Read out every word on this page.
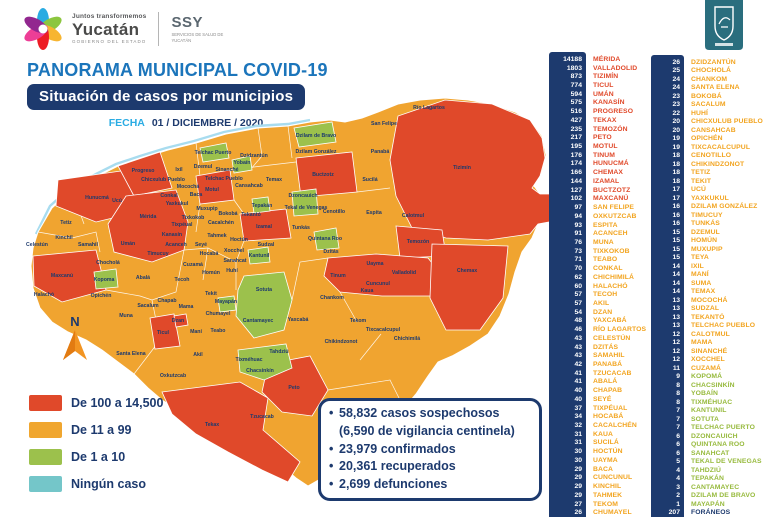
Juntos transformemos
Yucatán
GOBIERNO DEL ESTADO
SSY
SERVICIOS DE SALUD DE YUCATÁN
PANORAMA MUNICIPAL COVID-19
Situación de casos por municipios
FECHA 01 / DICIEMBRE / 2020
Celestún
Tetiz
Kinchil
Hunucmá
Samahil
Chocholá
Kopoma
Maxcanú
Halachó	Opichén
Ucú
Progreso
Mérida
Umán
Kanasín
Acanceh
Timucuy
Abalá	Tecoh
Muna
Sacalum
Santa Elena
Chapab
Mama
Dzan
Maní
Ticul	Teabo
Akil
Oxkutzcab
Tekax
Tzucacab
Peto
Tahdziú
Tixméhuac
Chacsinkín
Mayapán
Chumayel
Cantamayec
Sotuta
Yaxcabá
Tekit
Kantunil
Sudzal
Chicxulub Pueblo
Ixil
Conkal
Mocochá
Baca
Yaxkukul
Muxupip
Tixkokob
Tixpéual
Motul
Telchac Puerto
Dzemul Sinanché
Yobaín
Telchac Pueblo
Dzidzantún
Cansahcab
Temax
Bokobá
Cacalchén
Tekantó
Tepakán
Izamal
Tahmek
Hoctún
Seyé
Xocchel
Hocabá
Sanahcat
Cuzamá
Homún Huhí
Dzilam de Bravo
Dzilam González
Buctzotz
Panabá
Sucilá
San Felipe
Río Lagartos
Tizimín
Espita	Calotmul
Cenotillo
Tunkás
Quintana Roo
Dzitás
Dzoncauich
Tekal de Venegas
Temozón
Tinum
Uayma
Valladolid
Cuncunul
Kaua
Chemax
Chankom
Tekom
Tixcacalcupul
Chichimilá
Chikindzonot
N
De 100 a 14,500
De 11 a 99
De 1 a 10
Ningún caso
• 58,832 casos sospechosos
(6,590 de vigilancia centinela)
• 23,979 confirmados
• 20,361 recuperados
• 2,699 defunciones
14188	MÉRIDA
1803	VALLADOLID
873	TIZIMÍN
774	TICUL
594	UMÁN
575	KANASÍN
516	PROGRESO
427	TEKAX
235	TEMOZÓN
217	PETO
195	MOTUL
176	TINUM
174	HUNUCMÁ
166	CHEMAX
144	IZAMAL
127	BUCTZOTZ
102	MAXCANÚ
97	SAN FELIPE
94	OXKUTZCAB
93	ESPITA
91	ACANCEH
76	MUNA
73	TIXKOKOB
71	TEABO
70	CONKAL
62	CHICHIMILÁ
60	HALACHÓ
57	TECOH
57	AKIL
54	DZAN
48	YAXCABÁ
46	RÍO LAGARTOS
43	CELESTÚN
43	DZITÁS
43	SAMAHIL
42	PANABÁ
41	TZUCACAB
41	ABALÁ
40	CHAPAB
40	SEYÉ
37	TIXPÉUAL
34	HOCABÁ
32	CACALCHÉN
31	KAUA
31	SUCILÁ
30	HOCTÚN
30	UAYMA
29	BACA
29	CUNCUNUL
29	KINCHIL
29	TAHMEK
27	TEKOM
26	CHUMAYEL
26	DZIDZANTÚN
25	CHOCHOLÁ
24	CHANKOM
24	SANTA ELENA
23	BOKOBÁ
23	SACALUM
22	HUHÍ
20	CHICXULUB PUEBLO
20	CANSAHCAB
19	OPICHÉN
19	TIXCACALCUPUL
18	CENOTILLO
18	CHIKINDZONOT
18	TETIZ
18	TEKIT
17	UCÚ
17	YAXKUKUL
16	DZILAM GONZÁLEZ
16	TIMUCUY
16	TUNKÁS
15	DZEMUL
15	HOMÚN
15	MUXUPIP
15	TEYA
14	IXIL
14	MANÍ
14	SUMA
14	TEMAX
13	MOCOCHÁ
13	SUDZAL
13	TEKANTÓ
13	TELCHAC PUEBLO
12	CALOTMUL
12	MAMA
12	SINANCHÉ
12	XOCCHEL
11	CUZAMÁ
9	KOPOMÁ
8	CHACSINKÍN
8	YOBAÍN
8	TIXMÉHUAC
7	KANTUNIL
7	SOTUTA
7	TELCHAC PUERTO
6	DZONCAUICH
6	QUINTANA ROO
6	SANAHCAT
5	TEKAL DE VENEGAS
4	TAHDZIÚ
4	TEPAKÁN
3	CANTAMAYEC
2	DZILAM DE BRAVO
1	MAYAPÁN
207	FORÁNEOS
